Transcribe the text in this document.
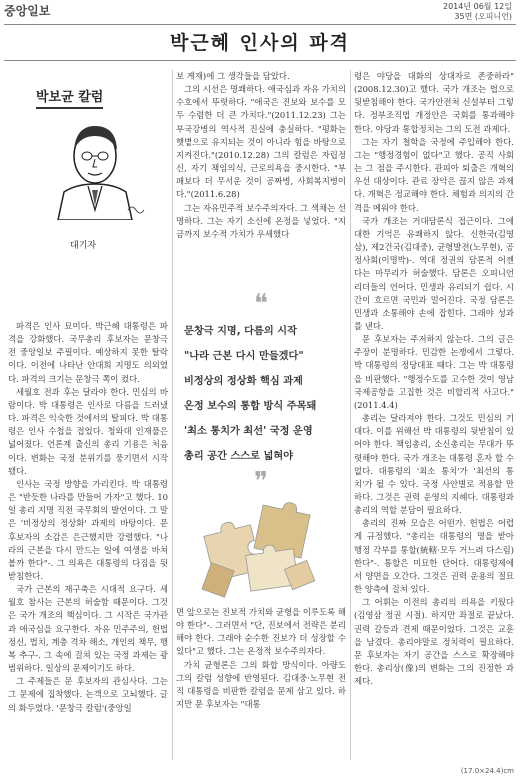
중앙일보	2014년 06월 12일
35면 (오피니언)
박근혜 인사의 파격
박보균 칼럼
대기자

파격은 인사 묘미다. 박근혜 대통령은 파격을 강화했다. 국무총리 후보자는 문창극 전 중앙일보 주필이다. 예상하지 못한 탈락이다. 이전에 나타난 안대희 지명도 의외였다. 파격의 크기는 문창극 쪽이 컸다.

세월호 전과 후는 달라야 한다. 민심의 바람이다. 박 대통령은 인사로 다름을 드러냈다. 파격은 익숙한 것에서의 탈피다. 박 대통령은 인사 수첩을 접었다. 청와대 인재풀은 넓어졌다. 언론계 출신의 총리 기용은 처음이다. 변화는 국정 분위기를 풍기면서 시작됐다.

인사는 국정 방향을 가리킨다. 박 대통령은 "반듯한 나라를 만들어 가자"고 했다. 10일 총리 지명 직전 국무회의 발언이다. 그 말은 '비정상의 정상화' 과제의 바탕이다. 문 후보자의 소감은 은근했지만 강렬했다. "나라의 근본을 다시 만드는 일에 여생을 바쳐볼까 한다"-. 그 의욕은 대통령의 다짐을 뒷받침한다.

국가 근본의 재구축은 시대적 요구다. 세월호 참사는 근본의 허술함 때문이다. 그것은 국가 개조의 핵심이다. 그 시작은 국가관과 애국심을 요구한다. 자유 민주주의, 헌법 정신, 법치, 계층 격차 해소, 개인의 책무, 행복 추구-. 그 속에 걸쳐 있는 국정 과제는 광범위하다. 일상의 문제이기도 하다.

그 주제들은 문 후보자의 관심사다. 그는 그 문제에 집착했다. 논객으로 고뇌했다. 글의 화두였다. '문창극 칼럼'(중앙일

보 게재)에 그 생각들을 담았다.

그의 시선은 명쾌하다. 애국심과 자유 가치의 수호에서 뚜렷하다. "애국은 진보와 보수를 모두 수렴한 더 큰 가치다."(2011.12.23) 그는 부국강병의 역사적 진실에 충실하다. "평화는 햇볕으로 유지되는 것이 아니라 힘을 바탕으로 지켜진다."(2010.12.28) 그의 칼럼은 자립정신, 자기 책임의식, 근로의욕을 중시한다. "부패보다 더 무서운 것이 공짜병, 사회복지병이다."(2011.6.28)

그는 자유민주적 보수주의자다. 그 색채는 선명하다. 그는 자기 소신에 온정을 넣었다. "지금까지 보수적 가치가 우세했다

❝
문창극 지명, 다름의 시작
"나라 근본 다시 만들겠다"
비정상의 정상화 핵심 과제
온정 보수의 통합 방식 주목돼
'최소 통치가 최선' 국정 운영
총리 공간 스스로 넓혀야
❞

면 앞으로는 진보적 가치와 균형을 이루도록 해야 한다"-. 그러면서 "단, 진보에서 전략은 분리해야 한다. 그래야 순수한 진보가 더 성장할 수 있다"고 했다. 그는 온정적 보수주의자다.

가치 균형론은 그의 화합 방식이다. 아량도 그의 칼럼 성향에 반영된다. 김대중·노무현 전직 대통령을 비판한 칼럼을 문제 삼고 있다. 하지만 문 후보자는 "대통

령은 야당을 대화의 상대자로 존중하라"(2008.12.30)고 했다. 국가 개조는 법으로 뒷받침해야 한다. 국가안전처 신설부터 그렇다. 정부조직법 개정안은 국회를 통과해야 한다. 야당과 통합정치는 그의 도전 과제다.

그는 자기 철학을 국정에 주입해야 한다. 그는 "행정경험이 없다"고 했다. 공직 사회는 그 점을 주시한다. 관피아 퇴출은 개혁의 우선 대상이다. 관료 장악은 끊지 않은 과제다. 개혁은 정교해야 한다. 체험과 의지의 간격을 메워야 한다.

국가 개조는 거대담론식 접근이다. 그에 대한 기억은 유쾌하지 않다. 신한국(김영삼), 제2건국(김대중), 균형발전(노무현), 공정사회(이명박)-. 역대 정권의 담론적 어젠다는 마무리가 허술했다. 담론은 오피니언 리더들의 언어다. 민생과 유리되기 쉽다. 시간이 흐르면 국민과 멀어진다. 국정 담론은 민생과 소통해야 손에 잡힌다. 그래야 성과를 낸다.

문 후보자는 주저하지 않는다. 그의 글은 주장이 분명하다. 민감한 논쟁에서 그렇다. 박 대통령의 정당대표 때다. 그는 박 대통령을 비판했다. "행정수도를 고수한 것이 영남국제공항을 고집한 것은 비합리적 사고다."(2011.4.4)

총리는 달라져야 한다. 그것도 민심의 기대다. 이를 위해선 박 대통령의 뒷받침이 있어야 한다. 책임총리, 소신총리는 무대가 뚜렷해야 한다. 국가 개조는 대통령 혼자 할 수 없다. 대통령의 '최소 통치'가 '최선의 통치'가 될 수 있다. 국정 사안별로 적용할 만하다. 그것은 권력 운영의 지혜다. 대통령과 총리의 역할 분담이 필요하다.

총리의 진짜 모습은 어떤가. 헌법은 어렵게 규정했다. "총리는 대통령의 명을 받아 행정 각부를 통할(統轄·모두 거느려 다스림)한다"-. 통할은 미묘한 단어다. 대통령제에서 양면을 오간다. 그것은 권력 운용의 절묘한 양측에 걸쳐 있다.

그 어휘는 이전의 총리의 의욕을 키웠다(김영삼 정권 시절). 하지만 좌절로 끝났다. 권력 갈등과 견제 때문이었다. 그것은 교훈을 남겼다. 총리야말로 정치력이 필요하다. 문 후보자는 자기 공간을 스스로 확장해야 한다. 총리상(像)의 변화는 그의 진정한 과제다.

(17.0×24.4)cm
